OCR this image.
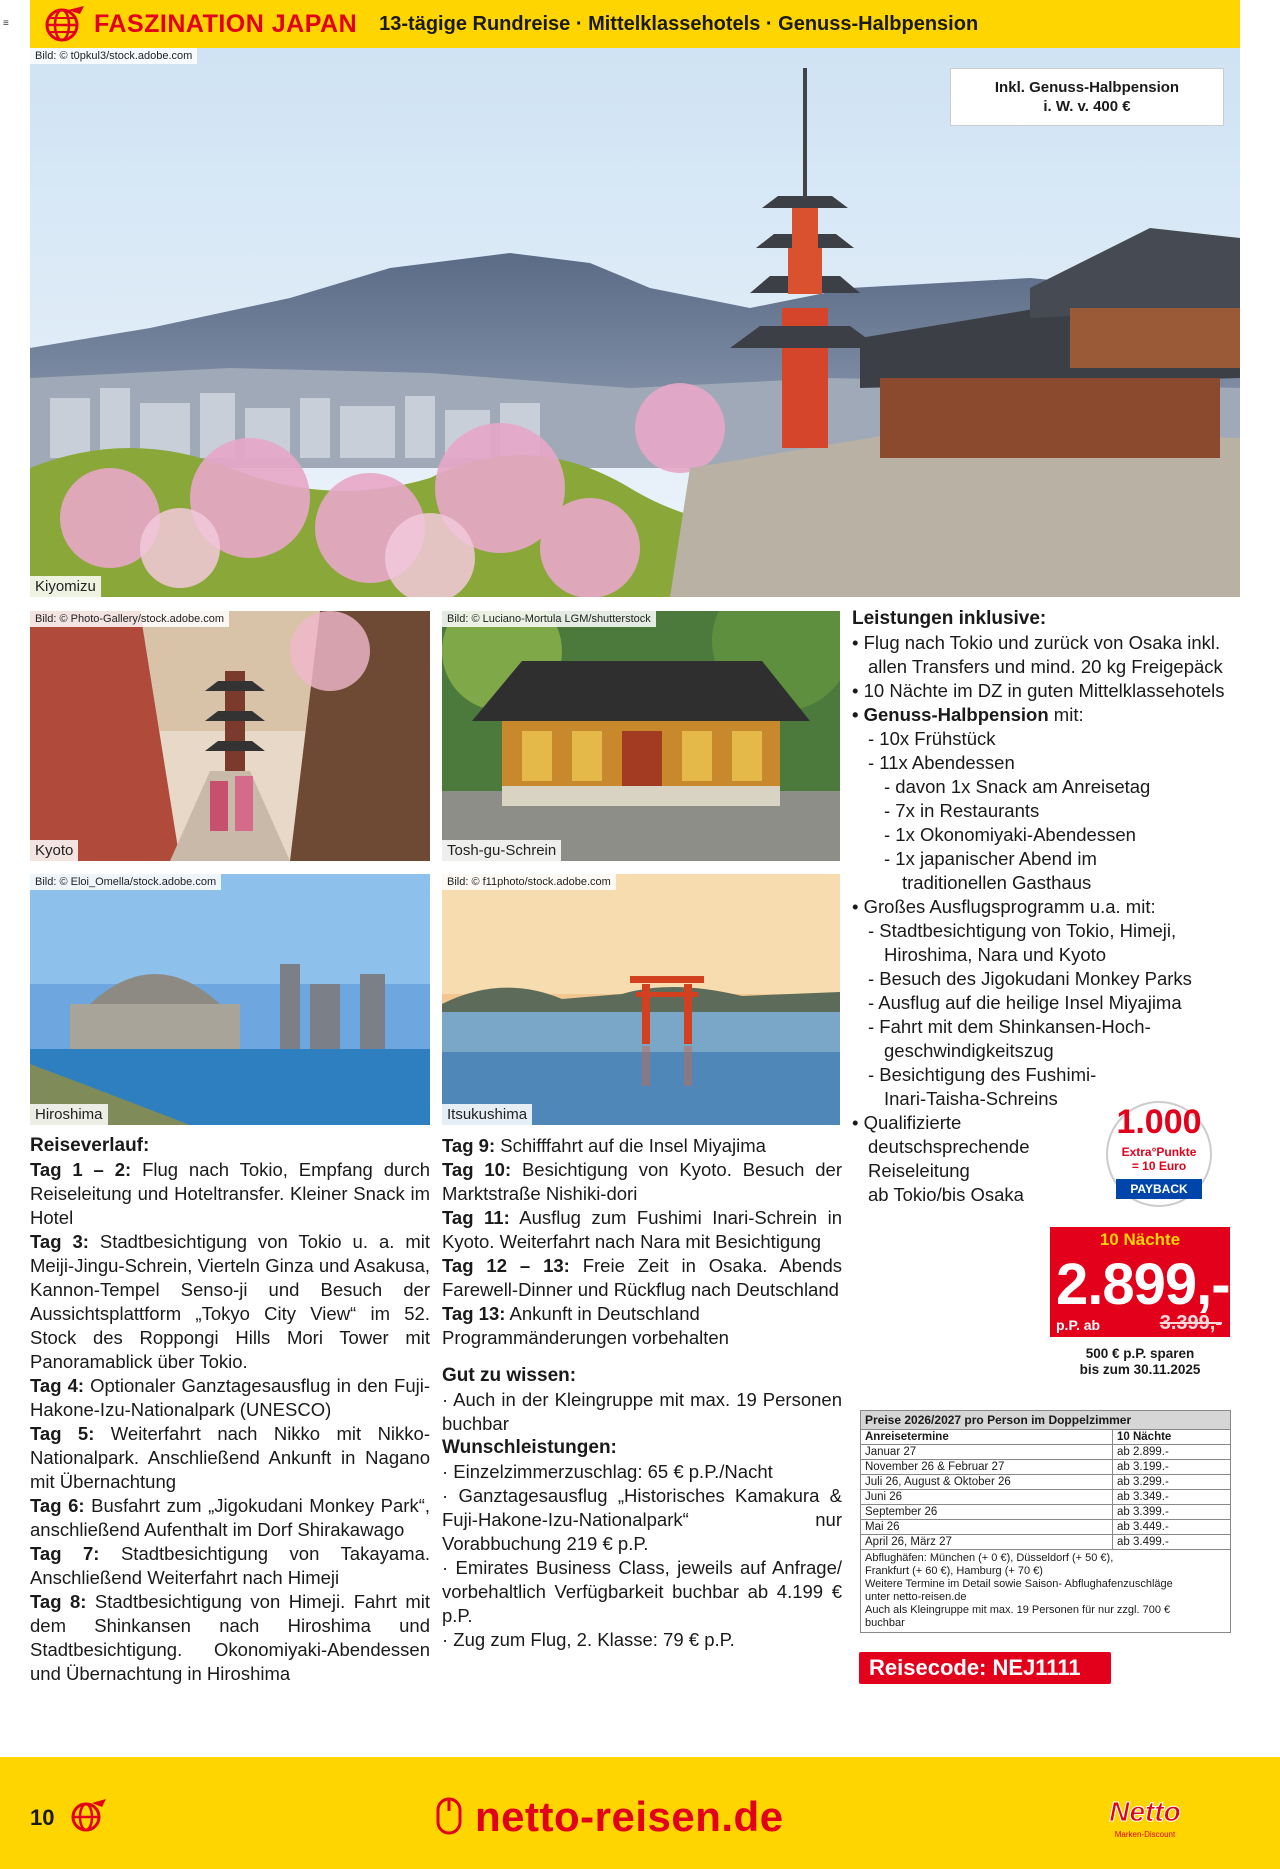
≡	FASZINATION JAPAN 13-tägige Rundreise · Mittelklassehotels · Genuss-Halbpension
Bild: © t0pkul3/stock.adobe.com
Kiyomizu
Inkl. Genuss-Halbpension
i. W. v. 400 €
Bild: © Photo-Gallery/stock.adobe.com
Kyoto
Bild: © Luciano-Mortula LGM/shutterstock
Tosh-gu-Schrein
Bild: © Eloi_Omella/stock.adobe.com
Hiroshima
Bild: © f11photo/stock.adobe.com
Itsukushima

Reiseverlauf:

Tag 1 – 2: Flug nach Tokio, Empfang durch Reiseleitung und Hoteltransfer. Kleiner Snack im Hotel

Tag 3: Stadtbesichtigung von Tokio u. a. mit Meiji-Jingu-Schrein, Vierteln Ginza und Asakusa, Kannon-Tempel Senso-ji und Besuch der Aussichtsplattform „Tokyo City View“ im 52. Stock des Roppongi Hills Mori Tower mit Panoramablick über Tokio.

Tag 4: Optionaler Ganztagesausflug in den Fuji-Hakone-Izu-Nationalpark (UNESCO)

Tag 5: Weiterfahrt nach Nikko mit Nikko-Nationalpark. Anschließend Ankunft in Nagano mit Übernachtung

Tag 6: Busfahrt zum „Jigokudani Monkey Park“, anschließend Aufenthalt im Dorf Shirakawago

Tag 7: Stadtbesichtigung von Takayama. Anschließend Weiterfahrt nach Himeji

Tag 8: Stadtbesichtigung von Himeji. Fahrt mit dem Shinkansen nach Hiroshima und Stadtbesichtigung. Okonomiyaki-Abendessen und Übernachtung in Hiroshima

Tag 9: Schifffahrt auf die Insel Miyajima

Tag 10: Besichtigung von Kyoto. Besuch der Marktstraße Nishiki-dori

Tag 11: Ausflug zum Fushimi Inari-Schrein in Kyoto. Weiterfahrt nach Nara mit Besichtigung

Tag 12 – 13: Freie Zeit in Osaka. Abends Farewell-Dinner und Rückflug nach Deutschland

Tag 13: Ankunft in Deutschland

Programmänderungen vorbehalten

Gut zu wissen:

· Auch in der Kleingruppe mit max. 19 Personen buchbar

Wunschleistungen:

· Einzelzimmerzuschlag: 65 € p.P./Nacht

· Ganztagesausflug „Historisches Kamakura & Fuji-Hakone-Izu-Nationalpark“ nur Vorabbuchung 219 € p.P.

· Emirates Business Class, jeweils auf Anfrage/ vorbehaltlich Verfügbarkeit buchbar ab 4.199 € p.P.

· Zug zum Flug, 2. Klasse: 79 € p.P.

Leistungen inklusive:

• Flug nach Tokio und zurück von Osaka inkl.

allen Transfers und mind. 20 kg Freigepäck

• 10 Nächte im DZ in guten Mittelklassehotels

• Genuss-Halbpension mit:

- 10x Frühstück

- 11x Abendessen

- davon 1x Snack am Anreisetag

- 7x in Restaurants

- 1x Okonomiyaki-Abendessen

- 1x japanischer Abend im

traditionellen Gasthaus

• Großes Ausflugsprogramm u.a. mit:

- Stadtbesichtigung von Tokio, Himeji,

Hiroshima, Nara und Kyoto

- Besuch des Jigokudani Monkey Parks

- Ausflug auf die heilige Insel Miyajima

- Fahrt mit dem Shinkansen-Hoch-

geschwindigkeitszug

- Besichtigung des Fushimi-

Inari-Taisha-Schreins

• Qualifizierte

deutschsprechende

Reiseleitung

ab Tokio/bis Osaka

1.000
Extra°Punkte
= 10 Euro
PAYBACK
10 Nächte
2.899,-
p.P. ab	3.399,-
500 € p.P. sparen
bis zum 30.11.2025
Preise 2026/2027 pro Person im Doppelzimmer
Anreisetermine	10 Nächte
Januar 27	ab 2.899.-
November 26 & Februar 27	ab 3.199.-
Juli 26, August & Oktober 26	ab 3.299.-
Juni 26	ab 3.349.-
September 26	ab 3.399.-
Mai 26	ab 3.449.-
April 26, März 27	ab 3.499.-
Abflughäfen: München (+ 0 €), Düsseldorf (+ 50 €),
Frankfurt (+ 60 €), Hamburg (+ 70 €)
Weitere Termine im Detail sowie Saison- Abflughafenzuschläge
unter netto-reisen.de
Auch als Kleingruppe mit max. 19 Personen für nur zzgl. 700 €
buchbar
Reisecode: NEJ1111
10	netto-reisen.de	Netto
Marken-Discount
